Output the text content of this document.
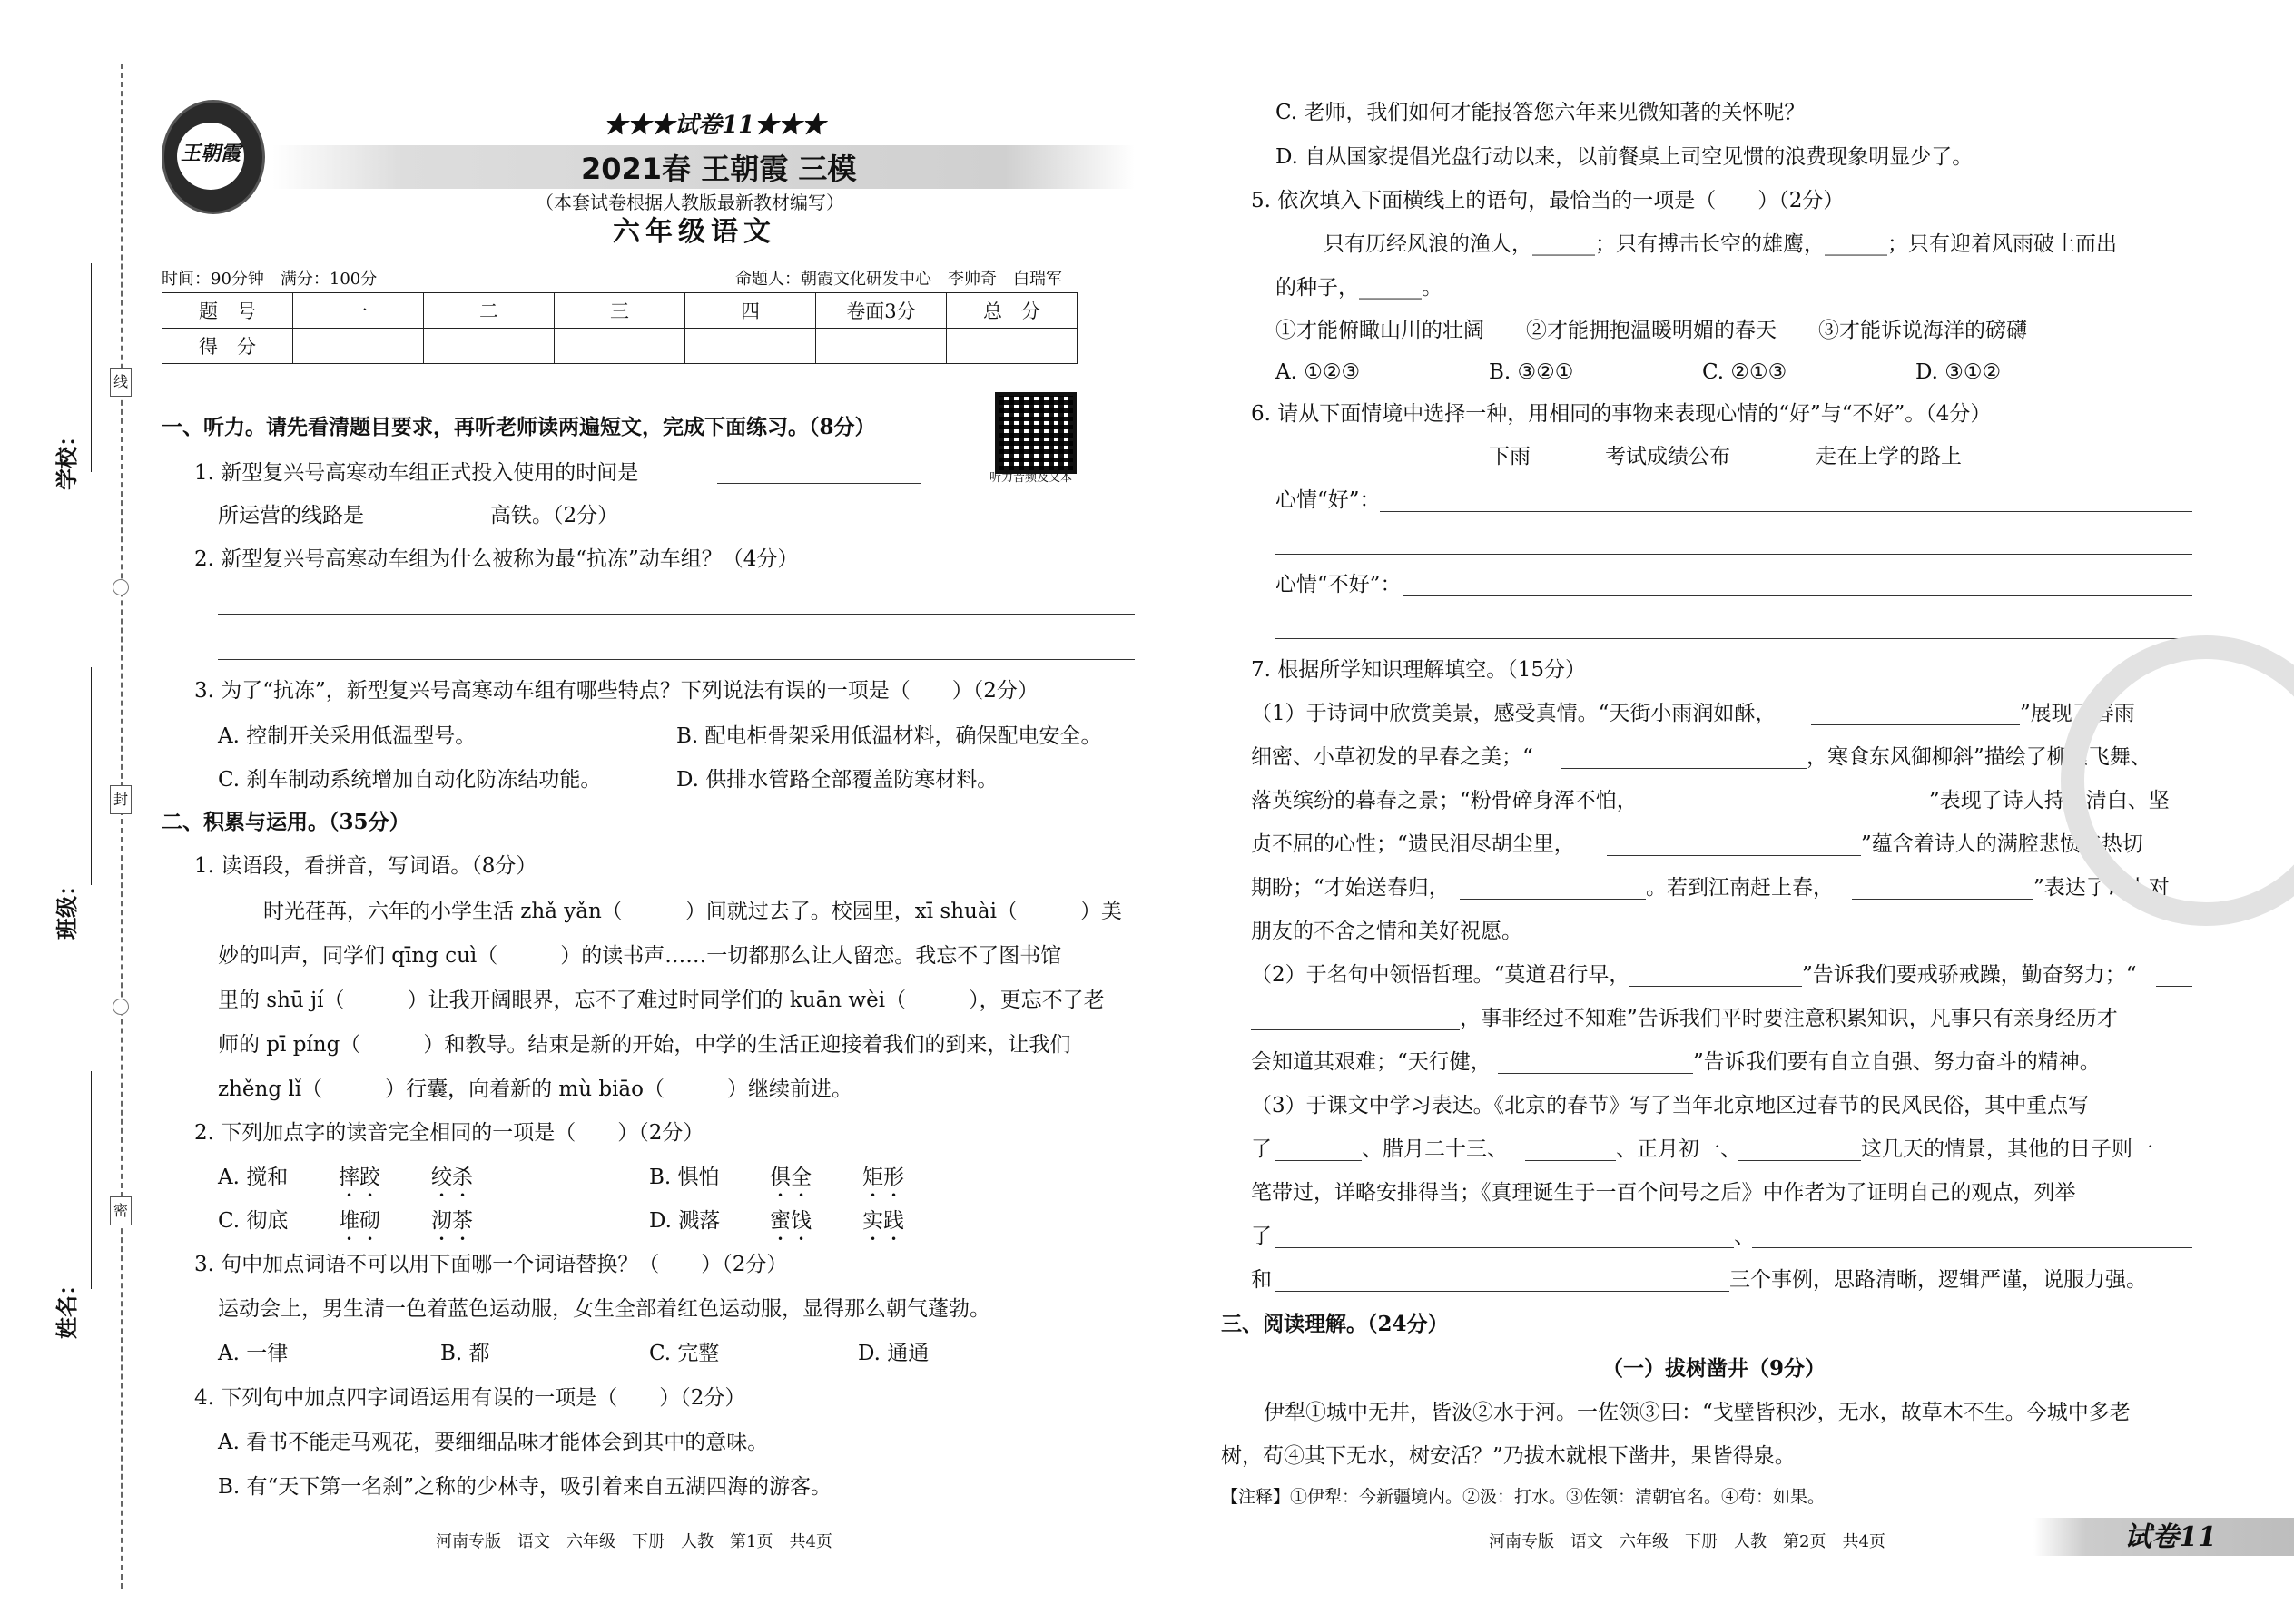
线
封
密
学校：
班级：
姓名：
王朝霞
★★★试卷11★★★
2021春 王朝霞 三模
（本套试卷根据人教版最新教材编写）
六年级语文
时间：90分钟　满分：100分	命题人：朝霞文化研发中心　李帅奇　白瑞军
题　号	一	二	三	四	卷面3分	总　分
得　分						
听力音频及文本
一、听力。请先看清题目要求，再听老师读两遍短文，完成下面练习。（8分）
1. 新型复兴号高寒动车组正式投入使用的时间是
所运营的线路是	高铁。（2分）
2. 新型复兴号高寒动车组为什么被称为最“抗冻”动车组？（4分）
3. 为了“抗冻”，新型复兴号高寒动车组有哪些特点？下列说法有误的一项是（　　）（2分）
A. 控制开关采用低温型号。	B. 配电柜骨架采用低温材料，确保配电安全。
C. 刹车制动系统增加自动化防冻结功能。	D. 供排水管路全部覆盖防寒材料。
二、积累与运用。（35分）
1. 读语段，看拼音，写词语。（8分）
时光荏苒，六年的小学生活 zhǎ yǎn（　　　）间就过去了。校园里，xī shuài（　　　）美
妙的叫声，同学们 qīng cuì（　　　）的读书声……一切都那么让人留恋。我忘不了图书馆
里的 shū jí（　　　）让我开阔眼界，忘不了难过时同学们的 kuān wèi（　　　），更忘不了老
师的 pī píng（　　　）和教导。结束是新的开始，中学的生活正迎接着我们的到来，让我们
zhěng lǐ（　　　）行囊，向着新的 mù biāo（　　　）继续前进。
2. 下列加点字的读音完全相同的一项是（　　）（2分）
A. 搅和 摔跤 绞杀	B. 惧怕 俱全 矩形
C. 彻底 堆砌 沏茶	D. 溅落 蜜饯 实践
3. 句中加点词语不可以用下面哪一个词语替换？（　　）（2分）
运动会上，男生清一色着蓝色运动服，女生全部着红色运动服，显得那么朝气蓬勃。
A. 一律	B. 都	C. 完整	D. 通通
4. 下列句中加点四字词语运用有误的一项是（　　）（2分）
A. 看书不能走马观花，要细细品味才能体会到其中的意味。
B. 有“天下第一名刹”之称的少林寺，吸引着来自五湖四海的游客。
河南专版　语文　六年级　下册　人教　第1页　共4页
C. 老师，我们如何才能报答您六年来见微知著的关怀呢？
D. 自从国家提倡光盘行动以来，以前餐桌上司空见惯的浪费现象明显少了。
5. 依次填入下面横线上的语句，最恰当的一项是（　　）（2分）
只有历经风浪的渔人，______；只有搏击长空的雄鹰，______；只有迎着风雨破土而出
的种子，______。
①才能俯瞰山川的壮阔　　②才能拥抱温暖明媚的春天　　③才能诉说海洋的磅礴
A. ①②③	B. ③②①	C. ②①③	D. ③①②
6. 请从下面情境中选择一种，用相同的事物来表现心情的“好”与“不好”。（4分）
下雨	考试成绩公布	走在上学的路上
心情“好”：
心情“不好”：
7. 根据所学知识理解填空。（15分）
（1）于诗词中欣赏美景，感受真情。“天街小雨润如酥，	”展现了春雨
细密、小草初发的早春之美；“	，寒食东风御柳斜”描绘了柳絮飞舞、
落英缤纷的暮春之景；“粉骨碎身浑不怕，	”表现了诗人持身清白、坚
贞不屈的心性；“遗民泪尽胡尘里，	”蕴含着诗人的满腔悲愤与热切
期盼；“才始送春归，	。若到江南赶上春，	”表达了诗人对
朋友的不舍之情和美好祝愿。
（2）于名句中领悟哲理。“莫道君行早，	”告诉我们要戒骄戒躁，勤奋努力；“
，事非经过不知难”告诉我们平时要注意积累知识，凡事只有亲身经历才
会知道其艰难；“天行健，	”告诉我们要有自立自强、努力奋斗的精神。
（3）于课文中学习表达。《北京的春节》写了当年北京地区过春节的民风民俗，其中重点写
了	、腊月二十三、	、正月初一、	这几天的情景，其他的日子则一
笔带过，详略安排得当；《真理诞生于一百个问号之后》中作者为了证明自己的观点，列举
了	、
和	三个事例，思路清晰，逻辑严谨，说服力强。
三、阅读理解。（24分）
（一）拔树凿井（9分）
伊犁①城中无井，皆汲②水于河。一佐领③曰：“戈壁皆积沙，无水，故草木不生。今城中多老
树，苟④其下无水，树安活？”乃拔木就根下凿井，果皆得泉。
【注释】①伊犁：今新疆境内。②汲：打水。③佐领：清朝官名。④苟：如果。
河南专版　语文　六年级　下册　人教　第2页　共4页	试卷11
